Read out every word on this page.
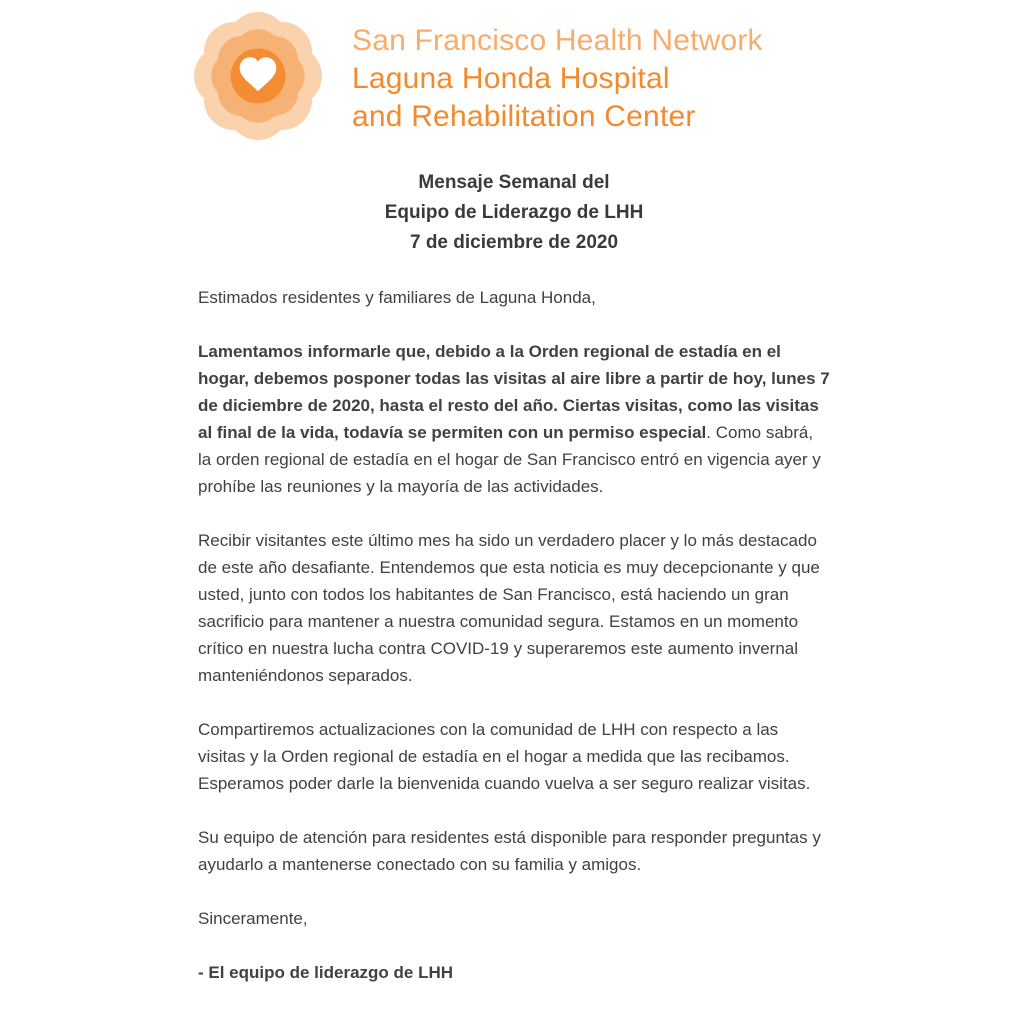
San Francisco Health Network
Laguna Honda Hospital
and Rehabilitation Center
Mensaje Semanal del
Equipo de Liderazgo de LHH
7 de diciembre de 2020

Estimados residentes y familiares de Laguna Honda,

Lamentamos informarle que, debido a la Orden regional de estadía en el hogar, debemos posponer todas las visitas al aire libre a partir de hoy, lunes 7 de diciembre de 2020, hasta el resto del año. Ciertas visitas, como las visitas al final de la vida, todavía se permiten con un permiso especial. Como sabrá, la orden regional de estadía en el hogar de San Francisco entró en vigencia ayer y prohíbe las reuniones y la mayoría de las actividades.

Recibir visitantes este último mes ha sido un verdadero placer y lo más destacado de este año desafiante. Entendemos que esta noticia es muy decepcionante y que usted, junto con todos los habitantes de San Francisco, está haciendo un gran sacrificio para mantener a nuestra comunidad segura. Estamos en un momento crítico en nuestra lucha contra COVID-19 y superaremos este aumento invernal manteniéndonos separados.

Compartiremos actualizaciones con la comunidad de LHH con respecto a las visitas y la Orden regional de estadía en el hogar a medida que las recibamos. Esperamos poder darle la bienvenida cuando vuelva a ser seguro realizar visitas.

Su equipo de atención para residentes está disponible para responder preguntas y ayudarlo a mantenerse conectado con su familia y amigos.

Sinceramente,

- El equipo de liderazgo de LHH
